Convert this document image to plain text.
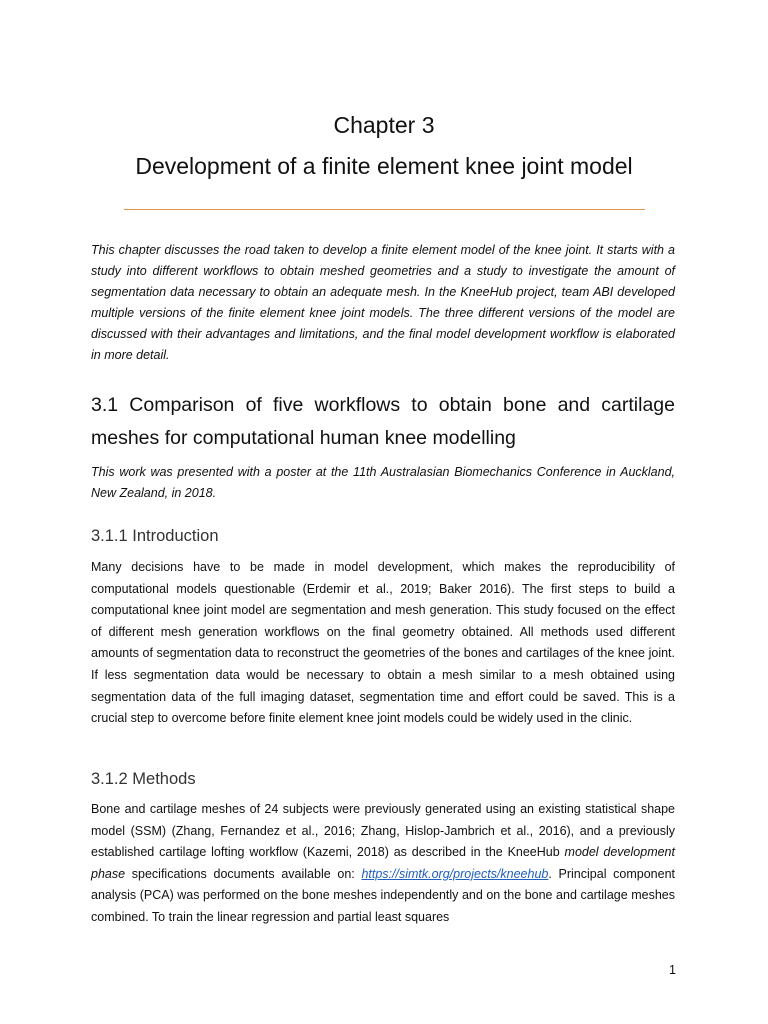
Chapter 3
Development of a finite element knee joint model

This chapter discusses the road taken to develop a finite element model of the knee joint. It starts with a study into different workflows to obtain meshed geometries and a study to investigate the amount of segmentation data necessary to obtain an adequate mesh. In the KneeHub project, team ABI developed multiple versions of the finite element knee joint models. The three different versions of the model are discussed with their advantages and limitations, and the final model development workflow is elaborated in more detail.

3.1 Comparison of five workflows to obtain bone and cartilage meshes for computational human knee modelling

This work was presented with a poster at the 11th Australasian Biomechanics Conference in Auckland, New Zealand, in 2018.

3.1.1 Introduction

Many decisions have to be made in model development, which makes the reproducibility of computational models questionable (Erdemir et al., 2019; Baker 2016). The first steps to build a computational knee joint model are segmentation and mesh generation. This study focused on the effect of different mesh generation workflows on the final geometry obtained. All methods used different amounts of segmentation data to reconstruct the geometries of the bones and cartilages of the knee joint. If less segmentation data would be necessary to obtain a mesh similar to a mesh obtained using segmentation data of the full imaging dataset, segmentation time and effort could be saved. This is a crucial step to overcome before finite element knee joint models could be widely used in the clinic.

3.1.2 Methods

Bone and cartilage meshes of 24 subjects were previously generated using an existing statistical shape model (SSM) (Zhang, Fernandez et al., 2016; Zhang, Hislop-Jambrich et al., 2016), and a previously established cartilage lofting workflow (Kazemi, 2018) as described in the KneeHub model development phase specifications documents available on: https://simtk.org/projects/kneehub. Principal component analysis (PCA) was performed on the bone meshes independently and on the bone and cartilage meshes combined. To train the linear regression and partial least squares

1
